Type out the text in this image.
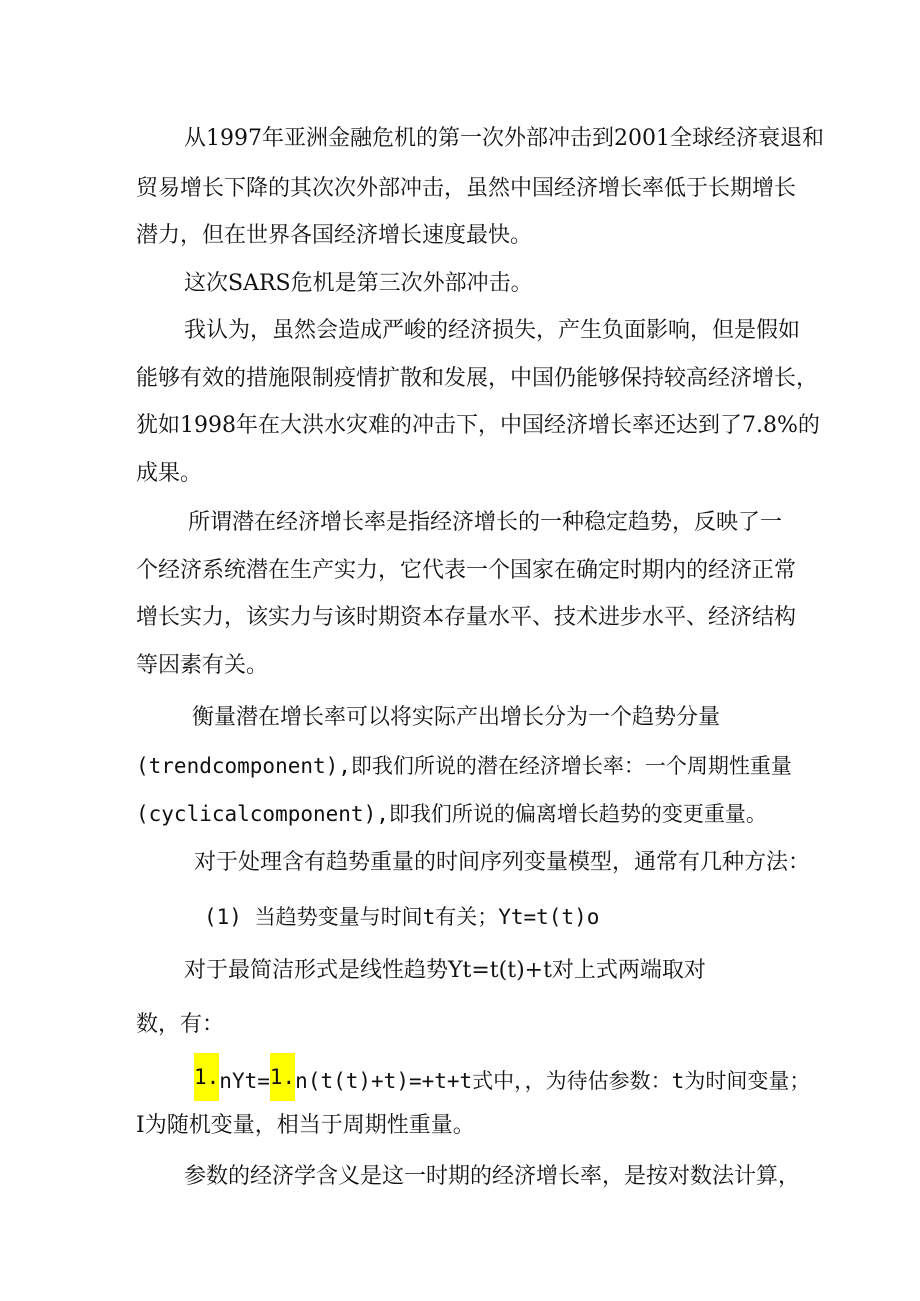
从1997年亚洲金融危机的第一次外部冲击到2001全球经济衰退和

贸易增长下降的其次次外部冲击，虽然中国经济增长率低于长期增长

潜力，但在世界各国经济增长速度最快。

这次SARS危机是第三次外部冲击。

我认为，虽然会造成严峻的经济损失，产生负面影响，但是假如

能够有效的措施限制疫情扩散和发展，中国仍能够保持较高经济增长，

犹如1998年在大洪水灾难的冲击下，中国经济增长率还达到了7.8%的

成果。

所谓潜在经济增长率是指经济增长的一种稳定趋势，反映了一

个经济系统潜在生产实力，它代表一个国家在确定时期内的经济正常

增长实力，该实力与该时期资本存量水平、技术进步水平、经济结构

等因素有关。

衡量潜在增长率可以将实际产出增长分为一个趋势分量

(trendcomponent),即我们所说的潜在经济增长率：一个周期性重量

(cyclicalcomponent),即我们所说的偏离增长趋势的变更重量。

对于处理含有趋势重量的时间序列变量模型，通常有几种方法：

(1) 当趋势变量与时间t有关；Yt=t(t)o

对于最简洁形式是线性趋势Yt=t(t)+t对上式两端取对

数，有：

1.nYt=1.n(t(t)+t)=+t+t式中，，为待估参数：t为时间变量；

I为随机变量，相当于周期性重量。

参数的经济学含义是这一时期的经济增长率，是按对数法计算，
